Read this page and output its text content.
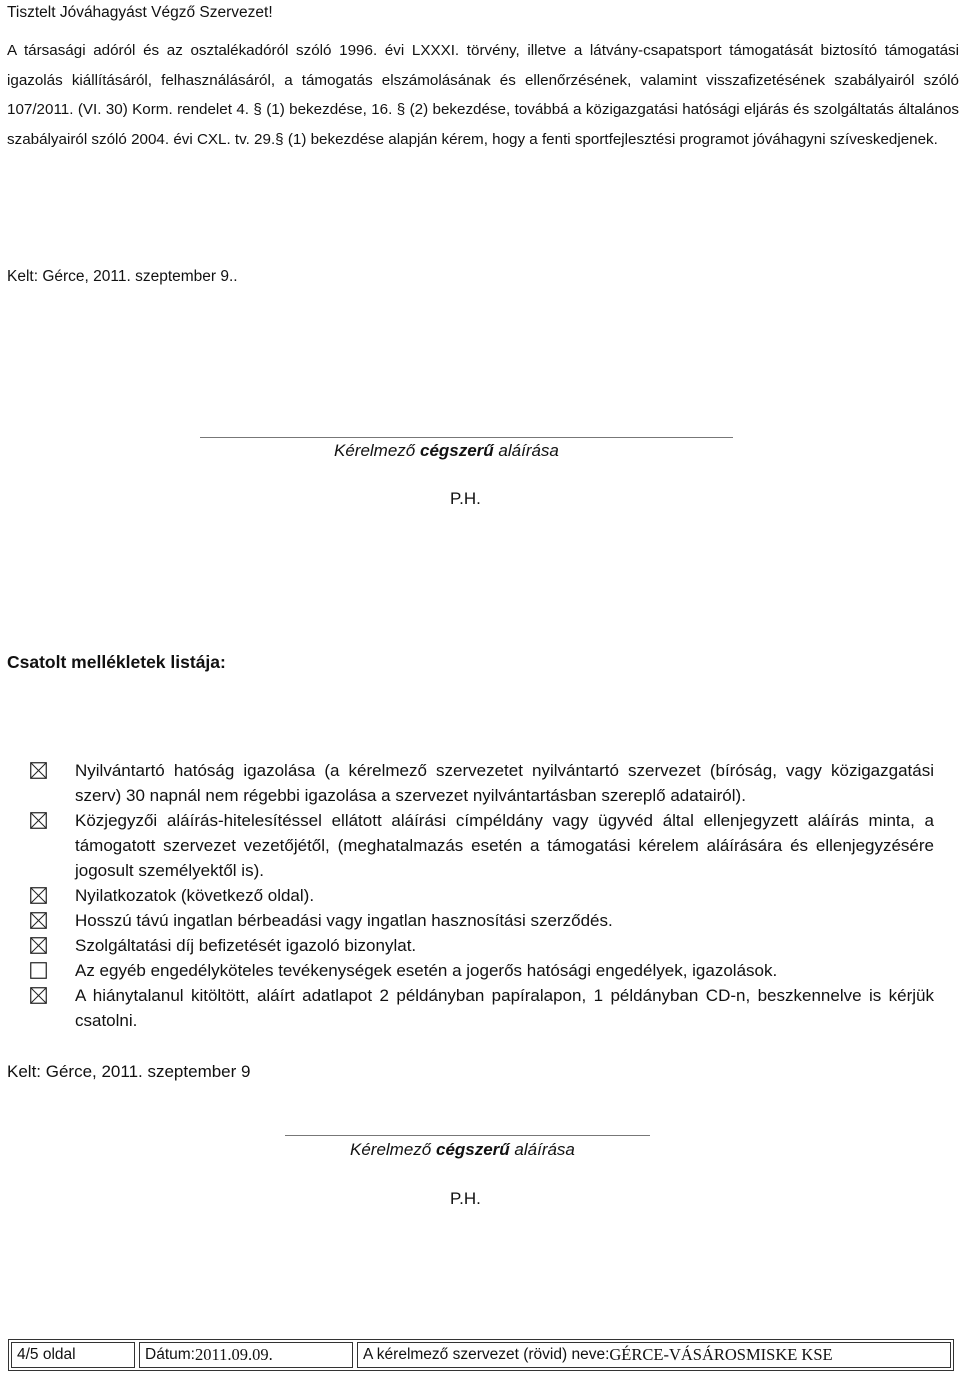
Tisztelt Jóváhagyást Végző Szervezet!
A társasági adóról és az osztalékadóról szóló 1996. évi LXXXI. törvény, illetve a látvány-csapatsport támogatását biztosító támogatási igazolás kiállításáról, felhasználásáról, a támogatás elszámolásának és ellenőrzésének, valamint visszafizetésének szabályairól szóló 107/2011. (VI. 30) Korm. rendelet 4. § (1) bekezdése, 16. § (2) bekezdése, továbbá a közigazgatási hatósági eljárás és szolgáltatás általános szabályairól szóló 2004. évi CXL. tv. 29.§ (1) bekezdése alapján kérem, hogy a fenti sportfejlesztési programot jóváhagyni szíveskedjenek.
Kelt: Gérce, 2011. szeptember 9..
Kérelmező cégszerű aláírása
P.H.
Csatolt mellékletek listája:
Nyilvántartó hatóság igazolása (a kérelmező szervezetet nyilvántartó szervezet (bíróság, vagy közigazgatási szerv) 30 napnál nem régebbi igazolása a szervezet nyilvántartásban szereplő adatairól).
Közjegyzői aláírás-hitelesítéssel ellátott aláírási címpéldány vagy ügyvéd által ellenjegyzett aláírás minta, a támogatott szervezet vezetőjétől, (meghatalmazás esetén a támogatási kérelem aláírására és ellenjegyzésére jogosult személyektől is).
Nyilatkozatok (következő oldal).
Hosszú távú ingatlan bérbeadási vagy ingatlan hasznosítási szerződés.
Szolgáltatási díj befizetését igazoló bizonylat.
Az egyéb engedélyköteles tevékenységek esetén a jogerős hatósági engedélyek, igazolások.
A hiánytalanul kitöltött, aláírt adatlapot 2 példányban papíralapon, 1 példányban CD-n, beszkennelve is kérjük csatolni.
Kelt: Gérce, 2011. szeptember 9
Kérelmező cégszerű aláírása
P.H.
4/5 oldal	Dátum: 2011.09.09.	A kérelmező szervezet (rövid) neve: GÉRCE-VÁSÁROSMISKE KSE
